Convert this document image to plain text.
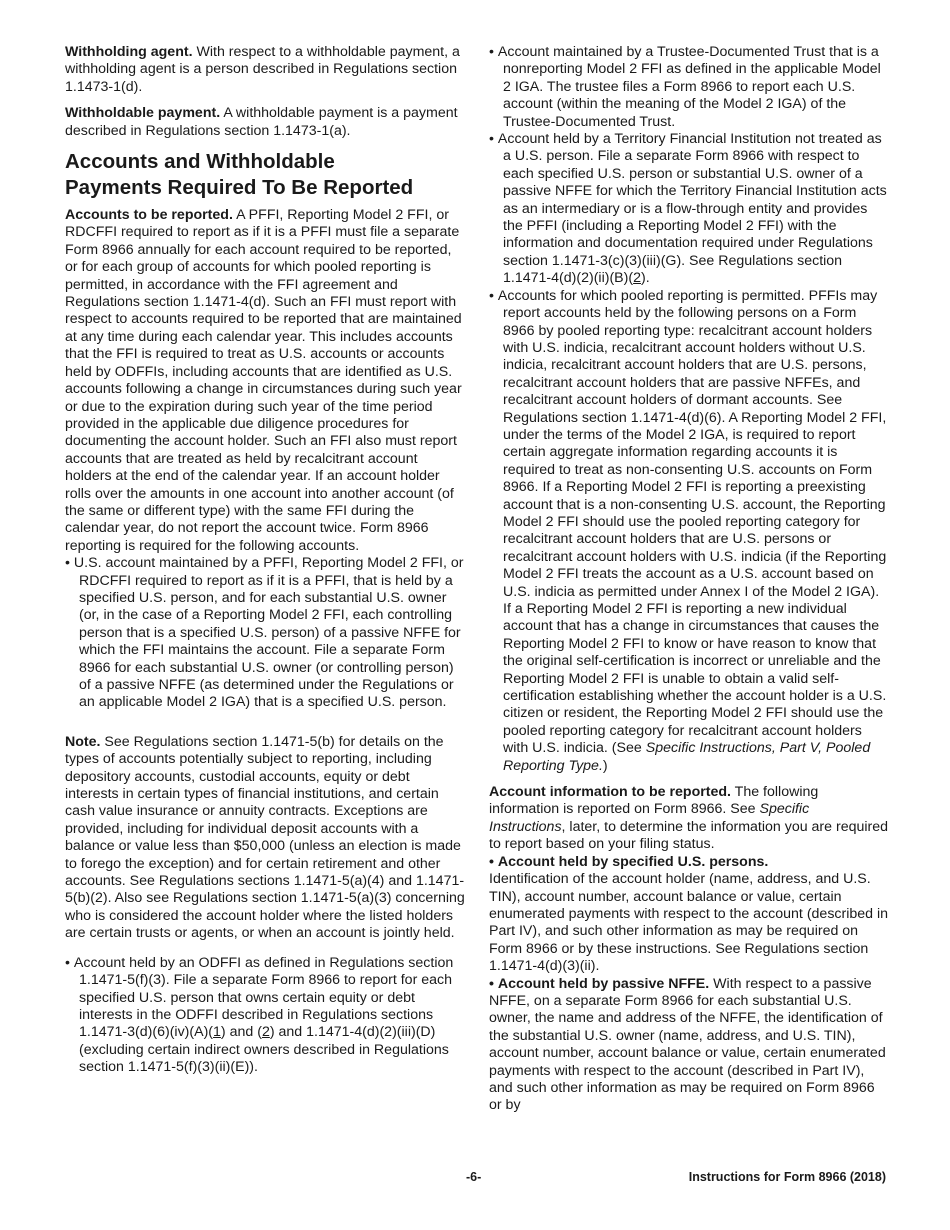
Withholding agent. With respect to a withholdable payment, a withholding agent is a person described in Regulations section 1.1473-1(d).

Withholdable payment. A withholdable payment is a payment described in Regulations section 1.1473-1(a).

Accounts and Withholdable
Payments Required To Be Reported

Accounts to be reported. A PFFI, Reporting Model 2 FFI, or RDCFFI required to report as if it is a PFFI must file a separate Form 8966 annually for each account required to be reported, or for each group of accounts for which pooled reporting is permitted, in accordance with the FFI agreement and Regulations section 1.1471-4(d). Such an FFI must report with respect to accounts required to be reported that are maintained at any time during each calendar year. This includes accounts that the FFI is required to treat as U.S. accounts or accounts held by ODFFIs, including accounts that are identified as U.S. accounts following a change in circumstances during such year or due to the expiration during such year of the time period provided in the applicable due diligence procedures for documenting the account holder. Such an FFI also must report accounts that are treated as held by recalcitrant account holders at the end of the calendar year. If an account holder rolls over the amounts in one account into another account (of the same or different type) with the same FFI during the calendar year, do not report the account twice. Form 8966 reporting is required for the following accounts.

• U.S. account maintained by a PFFI, Reporting Model 2 FFI, or RDCFFI required to report as if it is a PFFI, that is held by a specified U.S. person, and for each substantial U.S. owner (or, in the case of a Reporting Model 2 FFI, each controlling person that is a specified U.S. person) of a passive NFFE for which the FFI maintains the account. File a separate Form 8966 for each substantial U.S. owner (or controlling person) of a passive NFFE (as determined under the Regulations or an applicable Model 2 IGA) that is a specified U.S. person.

Note. See Regulations section 1.1471-5(b) for details on the types of accounts potentially subject to reporting, including depository accounts, custodial accounts, equity or debt interests in certain types of financial institutions, and certain cash value insurance or annuity contracts. Exceptions are provided, including for individual deposit accounts with a balance or value less than $50,000 (unless an election is made to forego the exception) and for certain retirement and other accounts. See Regulations sections 1.1471-5(a)(4) and 1.1471-5(b)(2). Also see Regulations section 1.1471-5(a)(3) concerning who is considered the account holder where the listed holders are certain trusts or agents, or when an account is jointly held.

• Account held by an ODFFI as defined in Regulations section 1.1471-5(f)(3). File a separate Form 8966 to report for each specified U.S. person that owns certain equity or debt interests in the ODFFI described in Regulations sections 1.1471-3(d)(6)(iv)(A)(1) and (2) and 1.1471-4(d)(2)(iii)(D) (excluding certain indirect owners described in Regulations section 1.1471-5(f)(3)(ii)(E)).

• Account maintained by a Trustee-Documented Trust that is a nonreporting Model 2 FFI as defined in the applicable Model 2 IGA. The trustee files a Form 8966 to report each U.S. account (within the meaning of the Model 2 IGA) of the Trustee-Documented Trust.

• Account held by a Territory Financial Institution not treated as a U.S. person. File a separate Form 8966 with respect to each specified U.S. person or substantial U.S. owner of a passive NFFE for which the Territory Financial Institution acts as an intermediary or is a flow-through entity and provides the PFFI (including a Reporting Model 2 FFI) with the information and documentation required under Regulations section 1.1471-3(c)(3)(iii)(G). See Regulations section 1.1471-4(d)(2)(ii)(B)(2).

• Accounts for which pooled reporting is permitted. PFFIs may report accounts held by the following persons on a Form 8966 by pooled reporting type: recalcitrant account holders with U.S. indicia, recalcitrant account holders without U.S. indicia, recalcitrant account holders that are U.S. persons, recalcitrant account holders that are passive NFFEs, and recalcitrant account holders of dormant accounts. See Regulations section 1.1471-4(d)(6). A Reporting Model 2 FFI, under the terms of the Model 2 IGA, is required to report certain aggregate information regarding accounts it is required to treat as non-consenting U.S. accounts on Form 8966. If a Reporting Model 2 FFI is reporting a preexisting account that is a non-consenting U.S. account, the Reporting Model 2 FFI should use the pooled reporting category for recalcitrant account holders that are U.S. persons or recalcitrant account holders with U.S. indicia (if the Reporting Model 2 FFI treats the account as a U.S. account based on U.S. indicia as permitted under Annex I of the Model 2 IGA). If a Reporting Model 2 FFI is reporting a new individual account that has a change in circumstances that causes the Reporting Model 2 FFI to know or have reason to know that the original self-certification is incorrect or unreliable and the Reporting Model 2 FFI is unable to obtain a valid self-certification establishing whether the account holder is a U.S. citizen or resident, the Reporting Model 2 FFI should use the pooled reporting category for recalcitrant account holders with U.S. indicia. (See Specific Instructions, Part V, Pooled Reporting Type.)

Account information to be reported. The following information is reported on Form 8966. See Specific Instructions, later, to determine the information you are required to report based on your filing status.

• Account held by specified U.S. persons.
Identification of the account holder (name, address, and U.S. TIN), account number, account balance or value, certain enumerated payments with respect to the account (described in Part IV), and such other information as may be required on Form 8966 or by these instructions. See Regulations section 1.1471-4(d)(3)(ii).

• Account held by passive NFFE. With respect to a passive NFFE, on a separate Form 8966 for each substantial U.S. owner, the name and address of the NFFE, the identification of the substantial U.S. owner (name, address, and U.S. TIN), account number, account balance or value, certain enumerated payments with respect to the account (described in Part IV), and such other information as may be required on Form 8966 or by

-6-	Instructions for Form 8966 (2018)
